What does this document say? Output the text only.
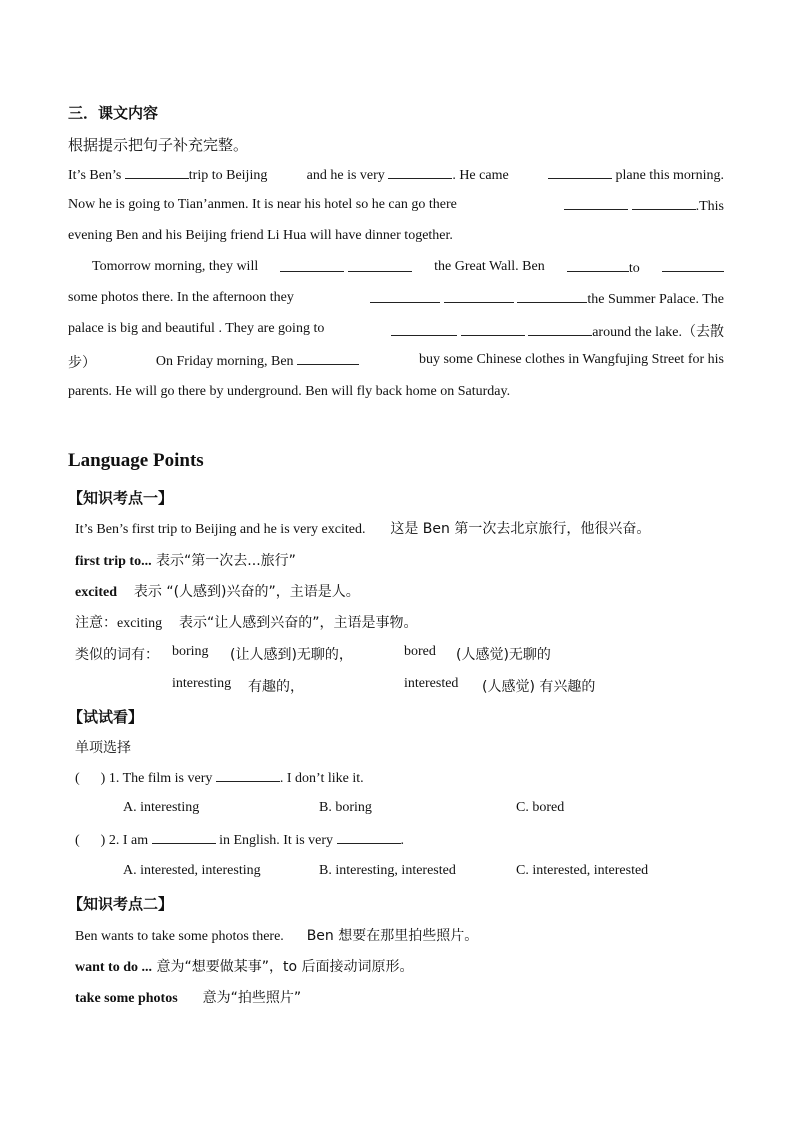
三．课文内容
根据提示把句子补充完整。
It’s Ben’s	trip to Beijing	and he is very	. He came	plane this morning.
Now he is going to Tian’anmen. It is near his hotel so he can go there	.This
evening Ben and his Beijing friend Li Hua will have dinner together.
Tomorrow morning, they will
	the Great Wall. Ben	to
some photos there. In the afternoon they	the Summer Palace. The
palace is big and beautiful . They are going to	around the lake.（去散
步）	On Friday morning, Ben	buy some Chinese clothes in Wangfujing Street for his
parents. He will go there by underground. Ben will fly back home on Saturday.
Language Points
【知识考点一】
It’s Ben’s first trip to Beijing and he is very excited. 这是 Ben 第一次去北京旅行，他很兴奋。
first trip to... 表示“第一次去...旅行”
excited 表示 “(人感到)兴奋的”，主语是人。
注意：exciting 表示“让人感到兴奋的”，主语是事物。
类似的词有： boring (让人感到)无聊的，	bored (人感觉)无聊的
interesting 有趣的，	interested (人感觉) 有兴趣的
【试试看】
单项选择
(      ) 1. The film is very	. I don’t like it.
A. interesting	B. boring	C. bored
(      ) 2. I am	in English. It is very	.
A. interested, interesting	B. interesting, interested	C. interested, interested
【知识考点二】
Ben wants to take some photos there. Ben 想要在那里拍些照片。
want to do ... 意为“想要做某事”，to 后面接动词原形。
take some photos 意为“拍些照片”
